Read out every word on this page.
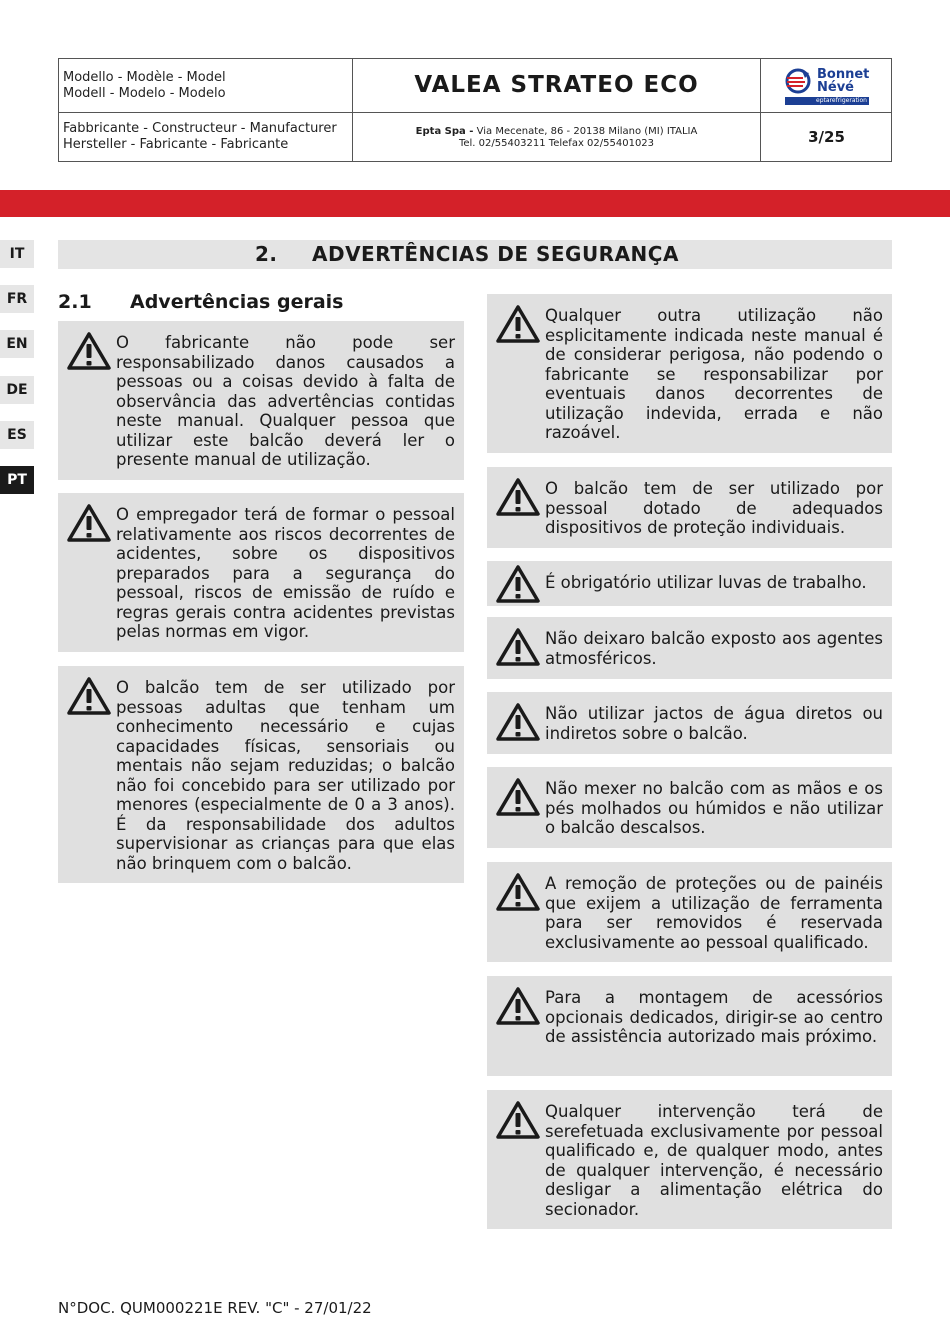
Modello - Modèle - Model
Modell - Modelo - Modelo	VALEA STRATEO ECO	Bonnet
Névé
eptarefrigeration
Fabbricante - Constructeur - Manufacturer
Hersteller - Fabricante - Fabricante
Epta Spa - Via Mecenate, 86 - 20138 Milano (MI) ITALIA
Tel. 02/55403211 Telefax 02/55401023	3/25
IT
FR
EN
DE
ES
PT
2. ADVERTÊNCIAS DE SEGURANÇA
2.1 Advertências gerais
O fabricante não pode ser responsabilizado danos causados a pessoas ou a coisas devido à falta de observância das advertências contidas neste manual. Qualquer pessoa que utilizar este balcão deverá ler o presente manual de utilização.
O empregador terá de formar o pessoal relativamente aos riscos decorrentes de acidentes, sobre os dispositivos preparados para a segurança do pessoal, riscos de emissão de ruído e regras gerais contra acidentes previstas pelas normas em vigor.
O balcão tem de ser utilizado por pessoas adultas que tenham um conhecimento necessário e cujas capacidades físicas, sensoriais ou mentais não sejam reduzidas; o balcão não foi concebido para ser utilizado por menores (especialmente de 0 a 3 anos). É da responsabilidade dos adultos supervisionar as crianças para que elas não brinquem com o balcão.
Qualquer outra utilização não esplicitamente indicada neste manual é de considerar perigosa, não podendo o fabricante se responsabilizar por eventuais danos decorrentes de utilização indevida, errada e não razoável.
O balcão tem de ser utilizado por pessoal dotado de adequados dispositivos de proteção individuais.
É obrigatório utilizar luvas de trabalho.
Não deixaro balcão exposto aos agentes atmosféricos.
Não utilizar jactos de água diretos ou indiretos sobre o balcão.
Não mexer no balcão com as mãos e os pés molhados ou húmidos e não utilizar o balcão descalsos.
A remoção de proteções ou de painéis que exijem a utilização de ferramenta para ser removidos é reservada exclusivamente ao pessoal qualificado.
Para a montagem de acessórios opcionais dedicados, dirigir-se ao centro de assistência autorizado mais próximo.
Qualquer intervenção terá de serefetuada exclusivamente por pessoal qualificado e, de qualquer modo, antes de qualquer intervenção, é necessário desligar a alimentação elétrica do secionador.
N°DOC. QUM000221E REV. "C" - 27/01/22
